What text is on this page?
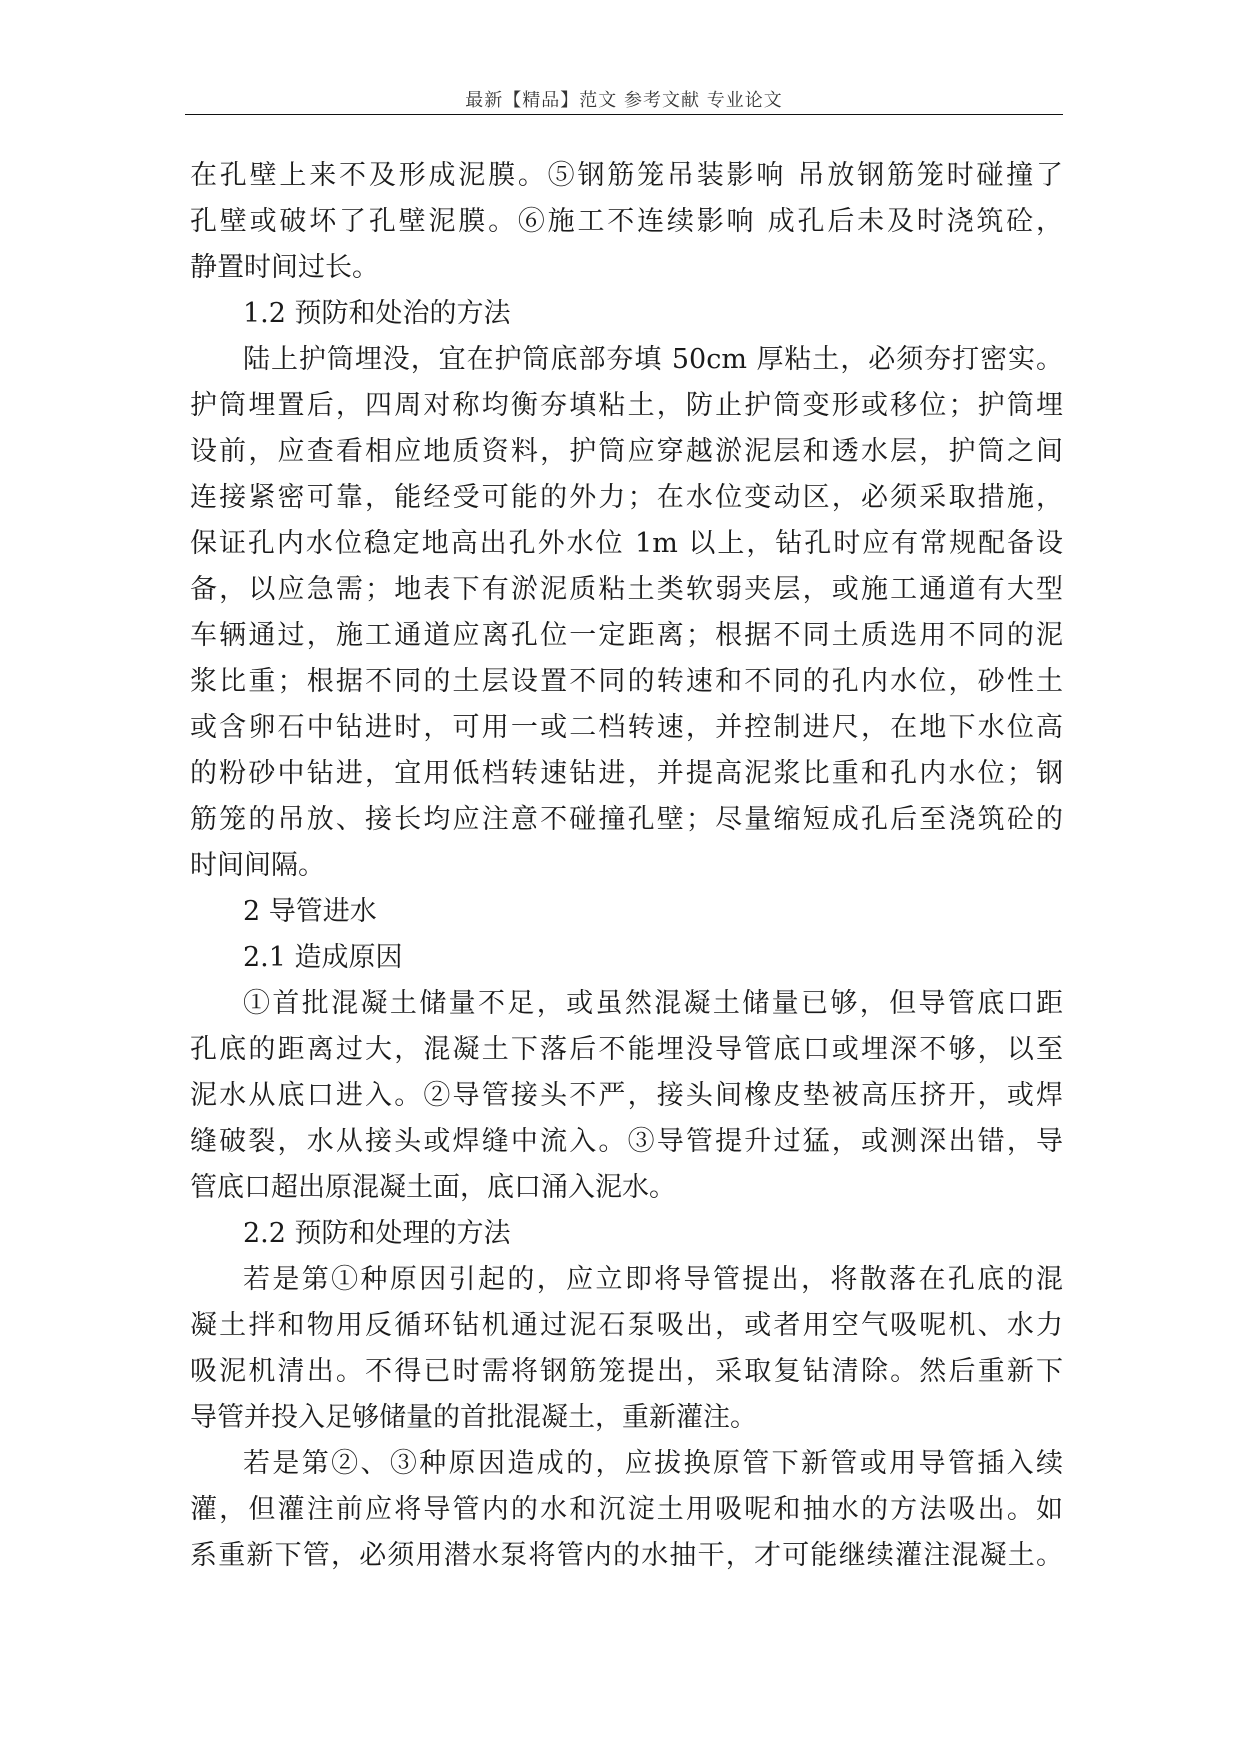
最新【精品】范文 参考文献 专业论文
在孔壁上来不及形成泥膜。⑤钢筋笼吊装影响 吊放钢筋笼时碰撞了
孔壁或破坏了孔壁泥膜。⑥施工不连续影响 成孔后未及时浇筑砼，
静置时间过长。
1.2 预防和处治的方法
陆上护筒埋没，宜在护筒底部夯填 50cm 厚粘土，必须夯打密实。
护筒埋置后，四周对称均衡夯填粘土，防止护筒变形或移位；护筒埋
设前，应查看相应地质资料，护筒应穿越淤泥层和透水层，护筒之间
连接紧密可靠，能经受可能的外力；在水位变动区，必须采取措施，
保证孔内水位稳定地高出孔外水位 1m 以上，钻孔时应有常规配备设
备，以应急需；地表下有淤泥质粘土类软弱夹层，或施工通道有大型
车辆通过，施工通道应离孔位一定距离；根据不同土质选用不同的泥
浆比重；根据不同的土层设置不同的转速和不同的孔内水位，砂性土
或含卵石中钻进时，可用一或二档转速，并控制进尺，在地下水位高
的粉砂中钻进，宜用低档转速钻进，并提高泥浆比重和孔内水位；钢
筋笼的吊放、接长均应注意不碰撞孔壁；尽量缩短成孔后至浇筑砼的
时间间隔。
2 导管进水
2.1 造成原因
①首批混凝土储量不足，或虽然混凝土储量已够，但导管底口距
孔底的距离过大，混凝土下落后不能埋没导管底口或埋深不够，以至
泥水从底口进入。②导管接头不严，接头间橡皮垫被高压挤开，或焊
缝破裂，水从接头或焊缝中流入。③导管提升过猛，或测深出错，导
管底口超出原混凝土面，底口涌入泥水。
2.2 预防和处理的方法
若是第①种原因引起的，应立即将导管提出，将散落在孔底的混
凝土拌和物用反循环钻机通过泥石泵吸出，或者用空气吸呢机、水力
吸泥机清出。不得已时需将钢筋笼提出，采取复钻清除。然后重新下
导管并投入足够储量的首批混凝土，重新灌注。
若是第②、③种原因造成的，应拔换原管下新管或用导管插入续
灌，但灌注前应将导管内的水和沉淀土用吸呢和抽水的方法吸出。如
系重新下管，必须用潜水泵将管内的水抽干，才可能继续灌注混凝土。
